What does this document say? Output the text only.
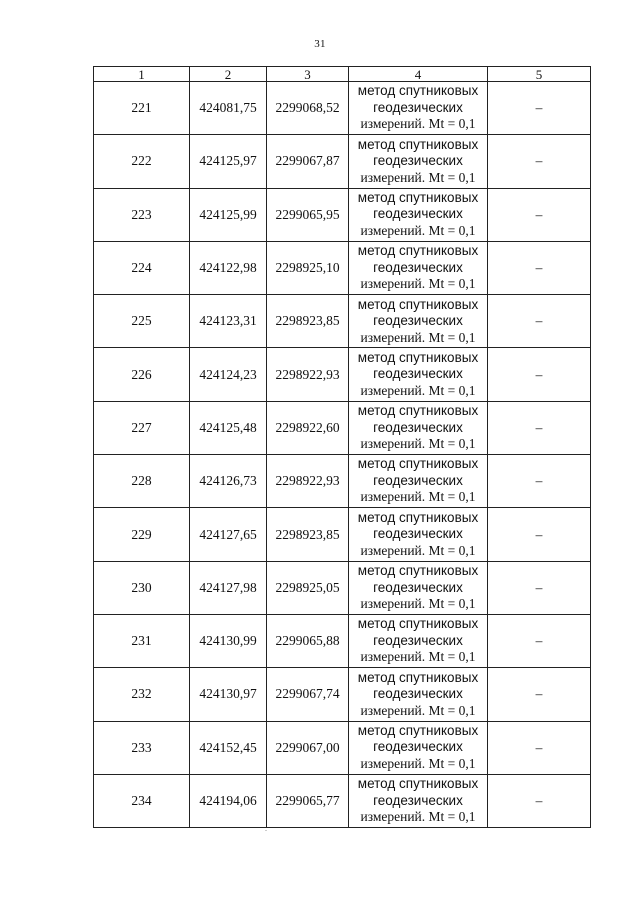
31
1	2	3	4	5
221	424081,75	2299068,52	метод спутниковых
геодезических
измерений. Mt = 0,1	–
222	424125,97	2299067,87	метод спутниковых
геодезических
измерений. Mt = 0,1	–
223	424125,99	2299065,95	метод спутниковых
геодезических
измерений. Mt = 0,1	–
224	424122,98	2298925,10	метод спутниковых
геодезических
измерений. Mt = 0,1	–
225	424123,31	2298923,85	метод спутниковых
геодезических
измерений. Mt = 0,1	–
226	424124,23	2298922,93	метод спутниковых
геодезических
измерений. Mt = 0,1	–
227	424125,48	2298922,60	метод спутниковых
геодезических
измерений. Mt = 0,1	–
228	424126,73	2298922,93	метод спутниковых
геодезических
измерений. Mt = 0,1	–
229	424127,65	2298923,85	метод спутниковых
геодезических
измерений. Mt = 0,1	–
230	424127,98	2298925,05	метод спутниковых
геодезических
измерений. Mt = 0,1	–
231	424130,99	2299065,88	метод спутниковых
геодезических
измерений. Mt = 0,1	–
232	424130,97	2299067,74	метод спутниковых
геодезических
измерений. Mt = 0,1	–
233	424152,45	2299067,00	метод спутниковых
геодезических
измерений. Mt = 0,1	–
234	424194,06	2299065,77	метод спутниковых
геодезических
измерений. Mt = 0,1	–
